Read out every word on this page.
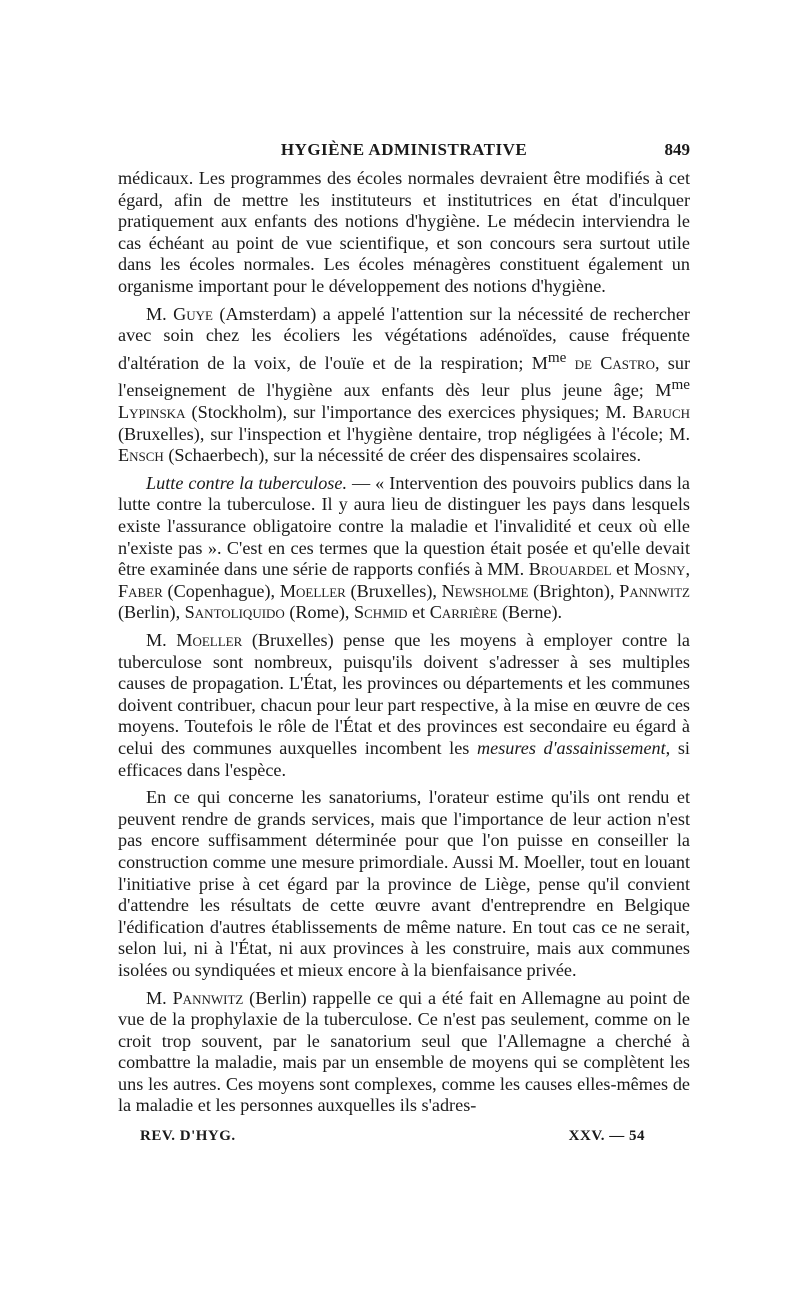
HYGIÈNE ADMINISTRATIVE	849

médicaux. Les programmes des écoles normales devraient être modifiés à cet égard, afin de mettre les instituteurs et institutrices en état d'inculquer pratiquement aux enfants des notions d'hygiène. Le médecin interviendra le cas échéant au point de vue scientifique, et son concours sera surtout utile dans les écoles normales. Les écoles ménagères constituent également un organisme important pour le développement des notions d'hygiène.

M. Guye (Amsterdam) a appelé l'attention sur la nécessité de rechercher avec soin chez les écoliers les végétations adénoïdes, cause fréquente d'altération de la voix, de l'ouïe et de la respiration; $M^{me}$ de Castro, sur l'enseignement de l'hygiène aux enfants dès leur plus jeune âge; $M^{me}$ Lypinska (Stockholm), sur l'importance des exercices physiques; M. Baruch (Bruxelles), sur l'inspection et l'hygiène dentaire, trop négligées à l'école; M. Ensch (Schaerbech), sur la nécessité de créer des dispensaires scolaires.

Lutte contre la tuberculose. — « Intervention des pouvoirs publics dans la lutte contre la tuberculose. Il y aura lieu de distinguer les pays dans lesquels existe l'assurance obligatoire contre la maladie et l'invalidité et ceux où elle n'existe pas ». C'est en ces termes que la question était posée et qu'elle devait être examinée dans une série de rapports confiés à MM. Brouardel et Mosny, Faber (Copenhague), Moeller (Bruxelles), Newsholme (Brighton), Pannwitz (Berlin), Santoliquido (Rome), Schmid et Carrière (Berne).

M. Moeller (Bruxelles) pense que les moyens à employer contre la tuberculose sont nombreux, puisqu'ils doivent s'adresser à ses multiples causes de propagation. L'État, les provinces ou départements et les communes doivent contribuer, chacun pour leur part respective, à la mise en œuvre de ces moyens. Toutefois le rôle de l'État et des provinces est secondaire eu égard à celui des communes auxquelles incombent les mesures d'assainissement, si efficaces dans l'espèce.

En ce qui concerne les sanatoriums, l'orateur estime qu'ils ont rendu et peuvent rendre de grands services, mais que l'importance de leur action n'est pas encore suffisamment déterminée pour que l'on puisse en conseiller la construction comme une mesure primordiale. Aussi M. Moeller, tout en louant l'initiative prise à cet égard par la province de Liège, pense qu'il convient d'attendre les résultats de cette œuvre avant d'entreprendre en Belgique l'édification d'autres établissements de même nature. En tout cas ce ne serait, selon lui, ni à l'État, ni aux provinces à les construire, mais aux communes isolées ou syndiquées et mieux encore à la bienfaisance privée.

M. Pannwitz (Berlin) rappelle ce qui a été fait en Allemagne au point de vue de la prophylaxie de la tuberculose. Ce n'est pas seulement, comme on le croit trop souvent, par le sanatorium seul que l'Allemagne a cherché à combattre la maladie, mais par un ensemble de moyens qui se complètent les uns les autres. Ces moyens sont complexes, comme les causes elles-mêmes de la maladie et les personnes auxquelles ils s'adres-

REV. D'HYG.	XXV. — 54
